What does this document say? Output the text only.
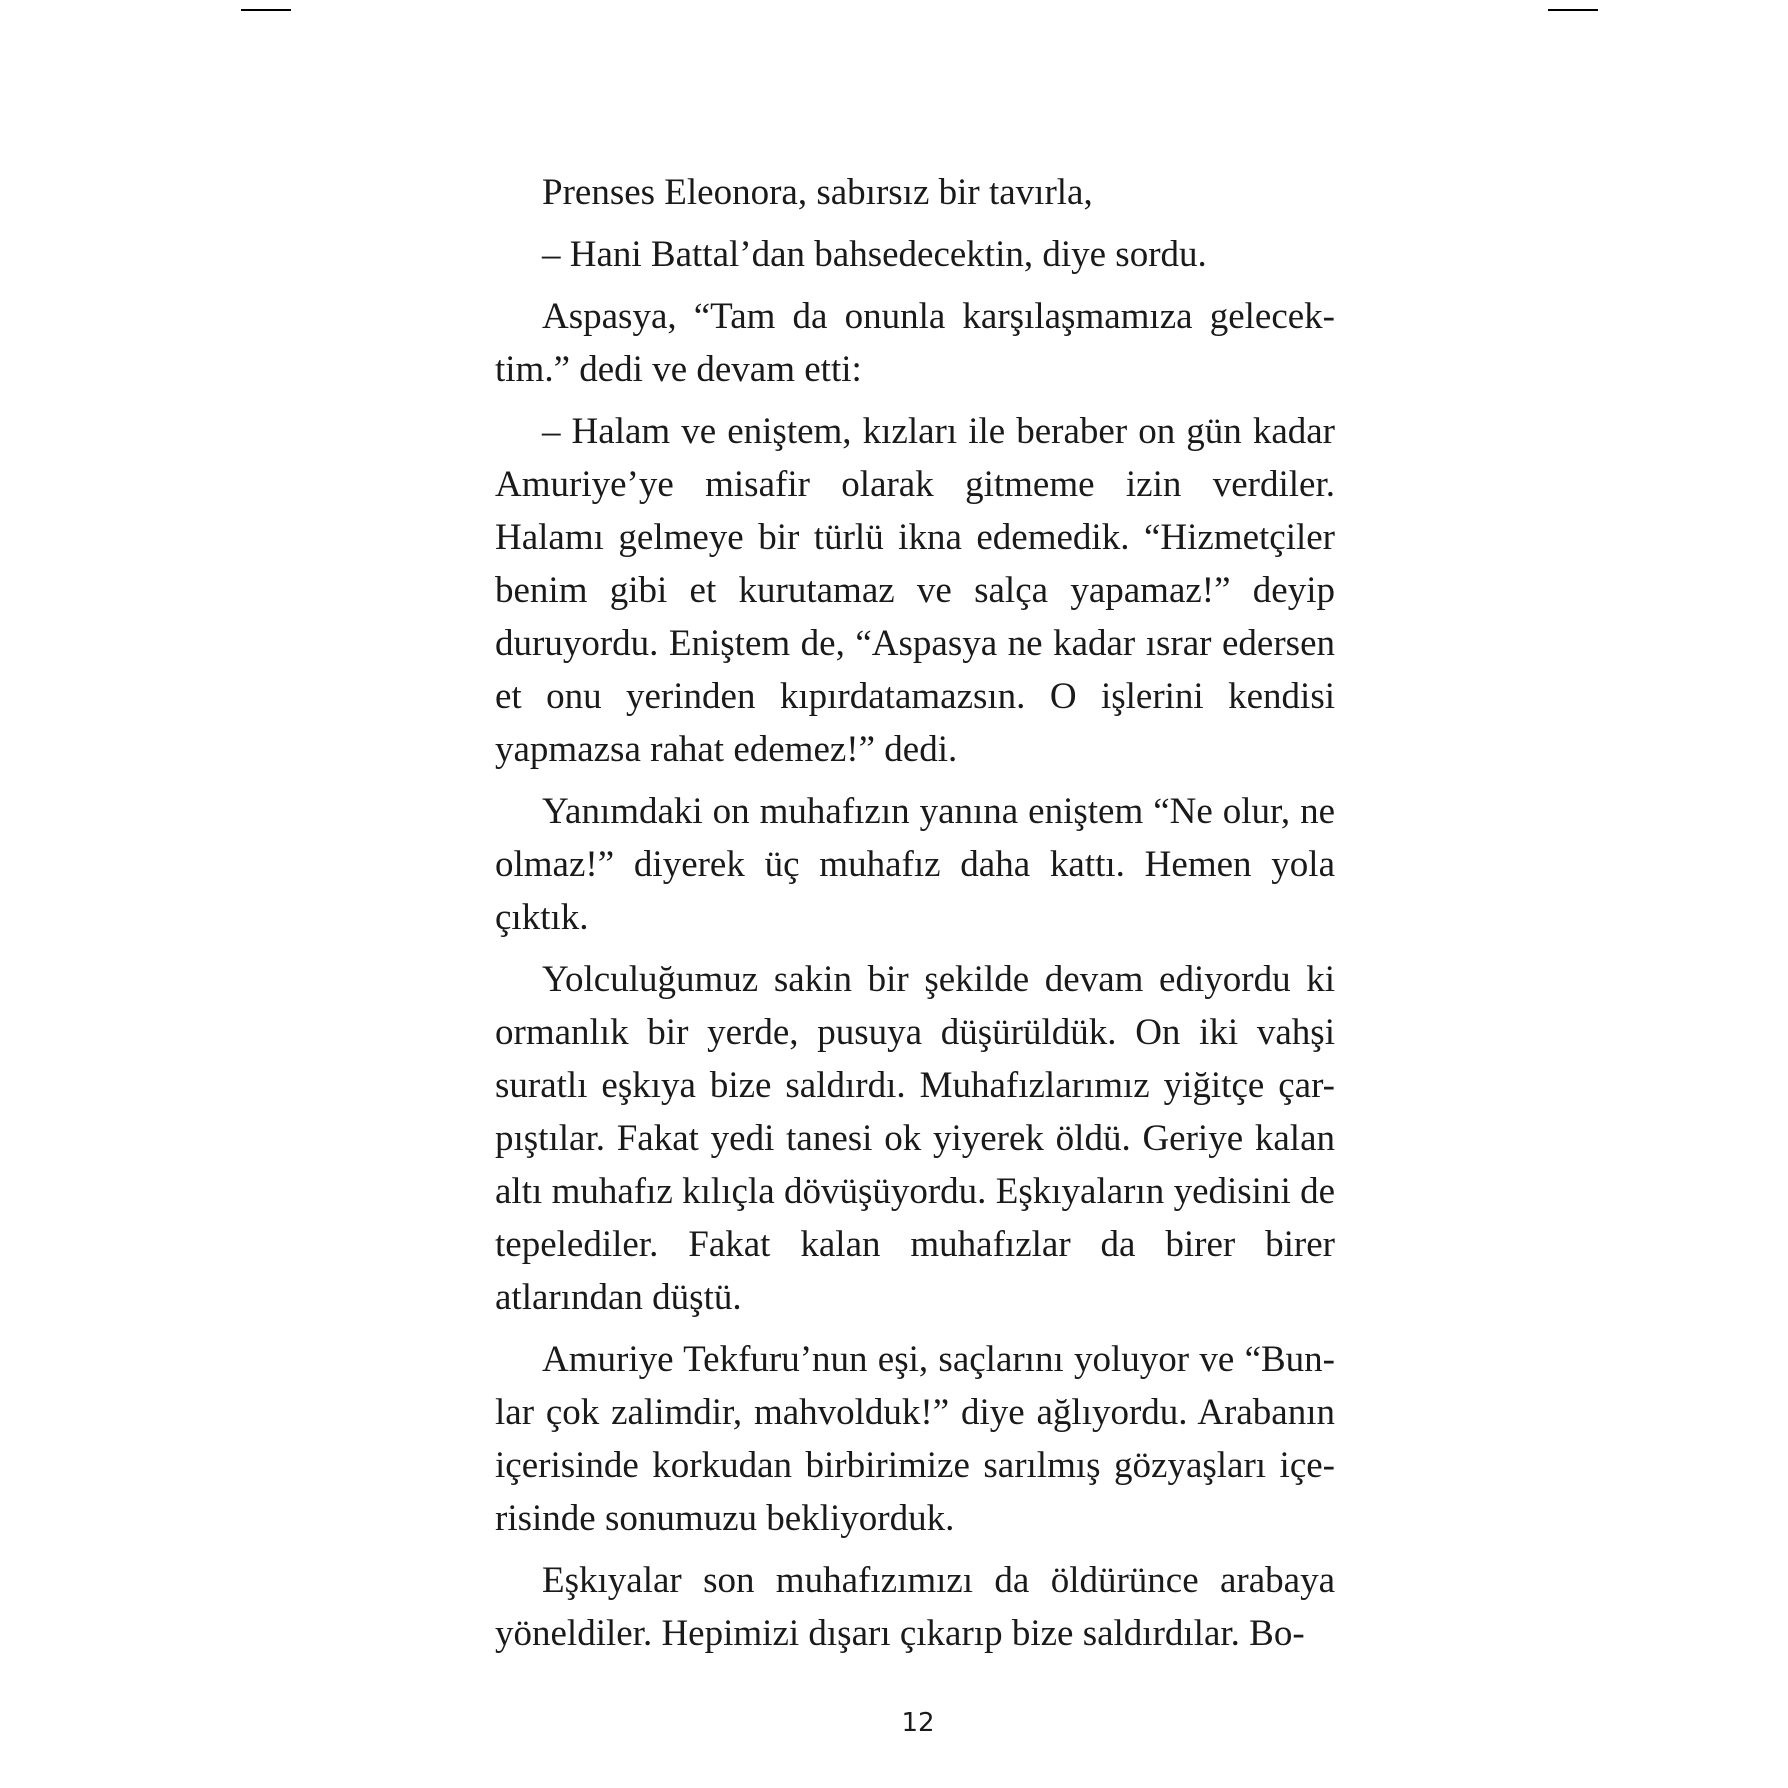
Prenses Eleonora, sabırsız bir tavırla,

– Hani Battal’dan bahsedecektin, diye sordu.

Aspasya, “Tam da onunla karşılaşmamıza gelecek-tim.” dedi ve devam etti:

– Halam ve eniştem, kızları ile beraber on gün kadar Amuriye’ye misafir olarak gitmeme izin verdiler. Halamı gelmeye bir türlü ikna edemedik. “Hizmetçiler benim gibi et kurutamaz ve salça yapamaz!” deyip duruyordu. Eniştem de, “Aspasya ne kadar ısrar edersen et onu yerinden kıpırdatamazsın. O işlerini kendisi yapmazsa rahat edemez!” dedi.

Yanımdaki on muhafızın yanına eniştem “Ne olur, ne olmaz!” diyerek üç muhafız daha kattı. Hemen yola çıktık.

Yolculuğumuz sakin bir şekilde devam ediyordu ki ormanlık bir yerde, pusuya düşürüldük. On iki vahşi suratlı eşkıya bize saldırdı. Muhafızlarımız yiğitçe çar-pıştılar. Fakat yedi tanesi ok yiyerek öldü. Geriye kalan altı muhafız kılıçla dövüşüyordu. Eşkıyaların yedisini de tepelediler. Fakat kalan muhafızlar da birer birer atlarından düştü.

Amuriye Tekfuru’nun eşi, saçlarını yoluyor ve “Bun-lar çok zalimdir, mahvolduk!” diye ağlıyordu. Arabanın içerisinde korkudan birbirimize sarılmış gözyaşları içe-risinde sonumuzu bekliyorduk.

Eşkıyalar son muhafızımızı da öldürünce arabaya yöneldiler. Hepimizi dışarı çıkarıp bize saldırdılar. Bo-

12
